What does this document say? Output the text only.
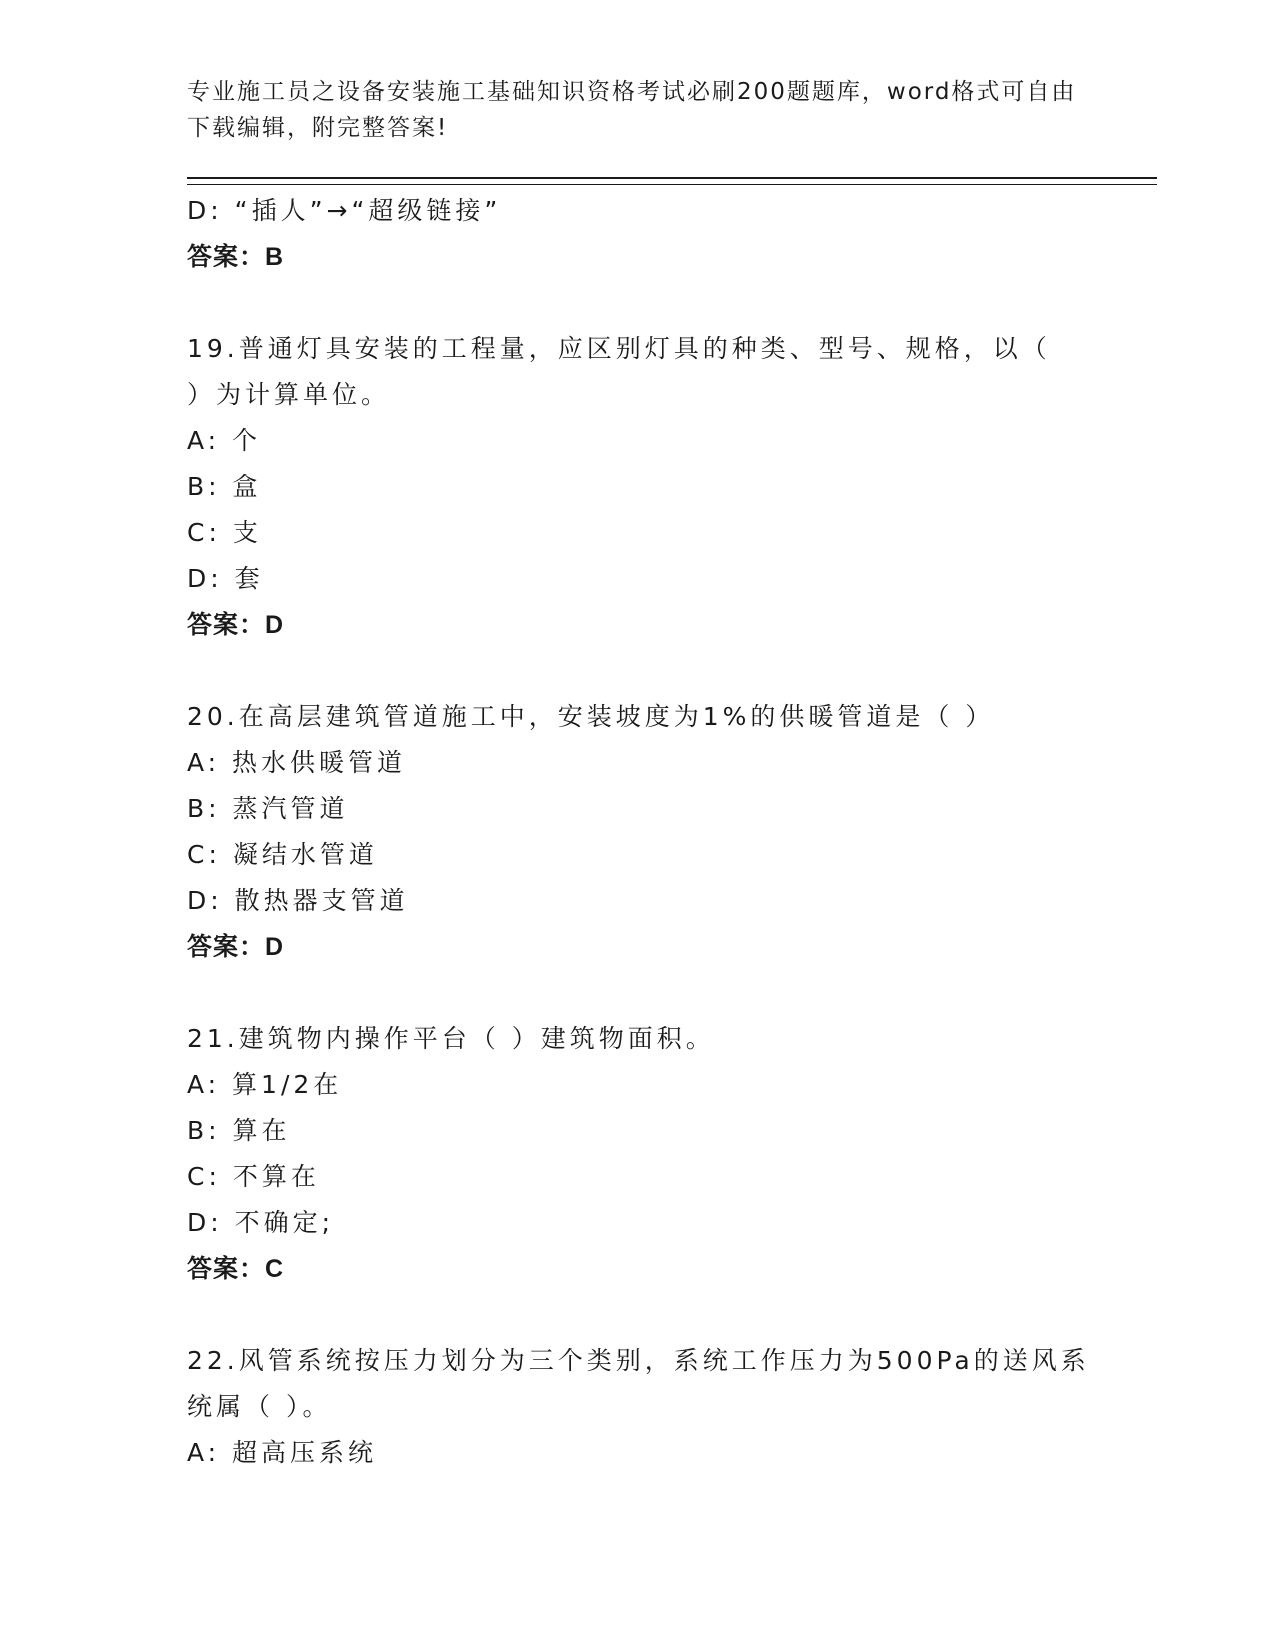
专业施工员之设备安装施工基础知识资格考试必刷200题题库，word格式可自由
下载编辑，附完整答案!
D: “插人”→“超级链接”
答案：B
19.普通灯具安装的工程量，应区别灯具的种类、型号、规格，以（
）为计算单位。
A: 个
B: 盒
C: 支
D: 套
答案：D
20.在高层建筑管道施工中，安装坡度为1%的供暖管道是（ ）
A: 热水供暖管道
B: 蒸汽管道
C: 凝结水管道
D: 散热器支管道
答案：D
21.建筑物内操作平台（ ）建筑物面积。
A: 算1/2在
B: 算在
C: 不算在
D: 不确定;
答案：C
22.风管系统按压力划分为三个类别，系统工作压力为500Pa的送风系
统属（ ）。
A: 超高压系统
